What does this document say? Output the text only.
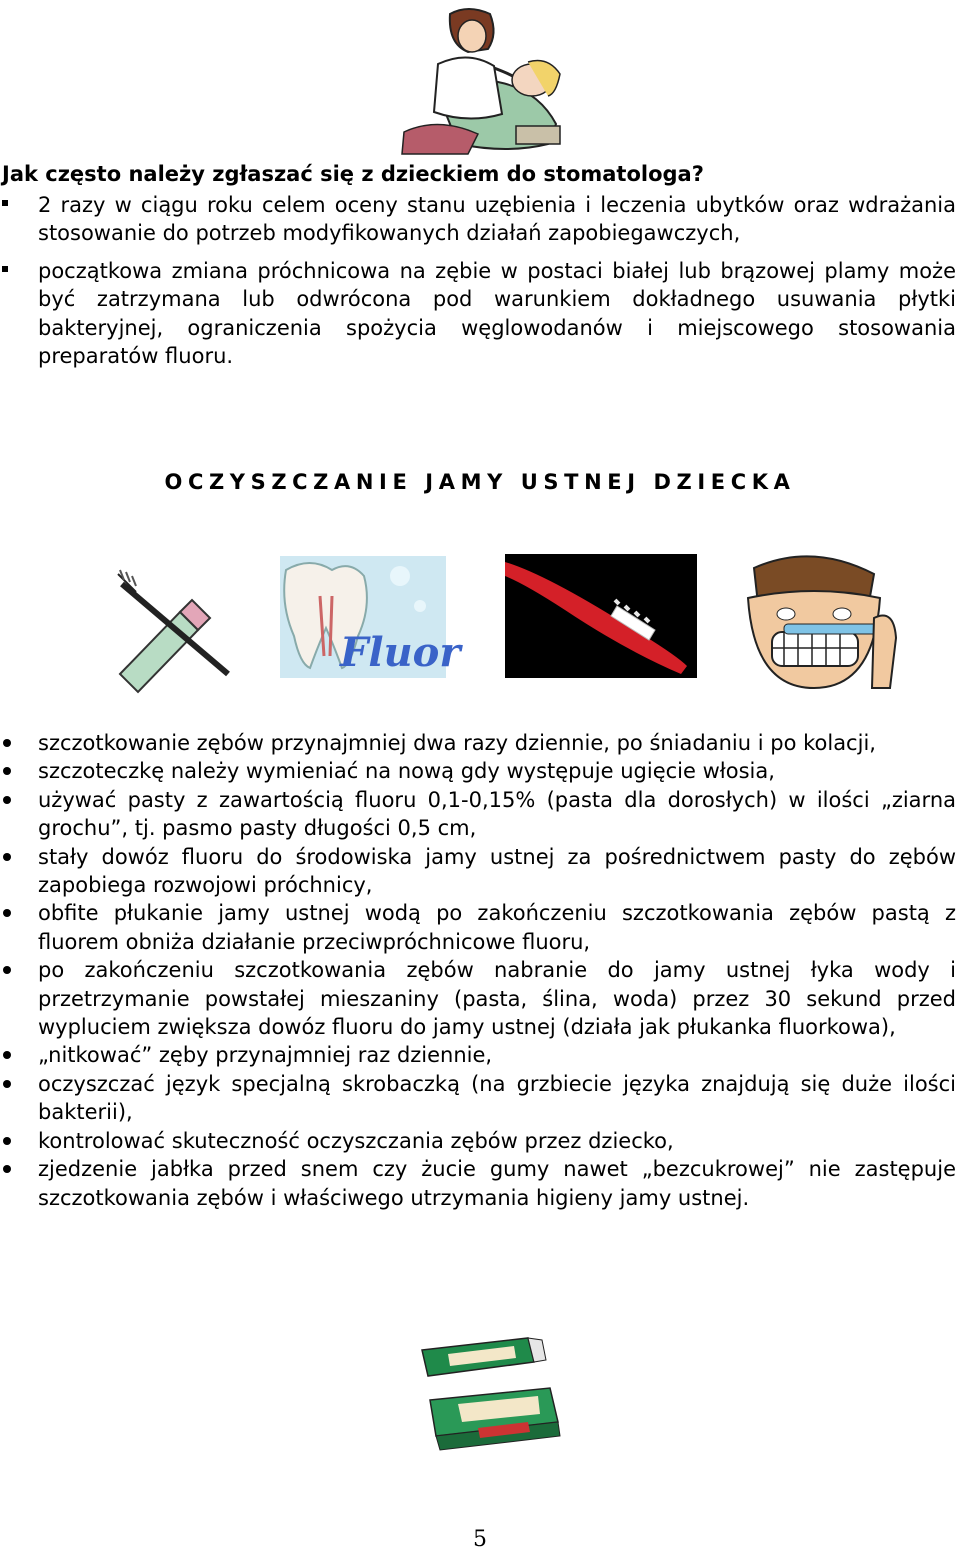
Jak często należy zgłaszać się z dzieckiem do stomatologa?
2 razy w ciągu roku celem oceny stanu uzębienia i leczenia ubytków oraz wdrażania stosowanie do potrzeb modyfikowanych działań zapobiegawczych,
początkowa zmiana próchnicowa na zębie w postaci białej lub brązowej plamy może być zatrzymana lub odwrócona pod warunkiem dokładnego usuwania płytki bakteryjnej, ograniczenia spożycia węglowodanów i miejscowego stosowania preparatów fluoru.
OCZYSZCZANIE JAMY USTNEJ DZIECKA
Fluor
szczotkowanie zębów przynajmniej dwa razy dziennie, po śniadaniu i po kolacji,
szczoteczkę należy wymieniać na nową gdy występuje ugięcie włosia,
używać pasty z zawartością fluoru 0,1-0,15% (pasta dla dorosłych) w ilości „ziarna grochu”, tj. pasmo pasty długości 0,5 cm,
stały dowóz fluoru do środowiska jamy ustnej za pośrednictwem pasty do zębów zapobiega rozwojowi próchnicy,
obfite płukanie jamy ustnej wodą po zakończeniu szczotkowania zębów pastą z fluorem obniża działanie przeciwpróchnicowe fluoru,
po zakończeniu szczotkowania zębów nabranie do jamy ustnej łyka wody i przetrzymanie powstałej mieszaniny (pasta, ślina, woda) przez 30 sekund przed wypluciem zwiększa dowóz fluoru do jamy ustnej (działa jak płukanka fluorkowa),
„nitkować” zęby przynajmniej raz dziennie,
oczyszczać język specjalną skrobaczką (na grzbiecie języka znajdują się duże ilości bakterii),
kontrolować skuteczność oczyszczania zębów przez dziecko,
zjedzenie jabłka przed snem czy żucie gumy nawet „bezcukrowej” nie zastępuje szczotkowania zębów i właściwego utrzymania higieny jamy ustnej.
5
